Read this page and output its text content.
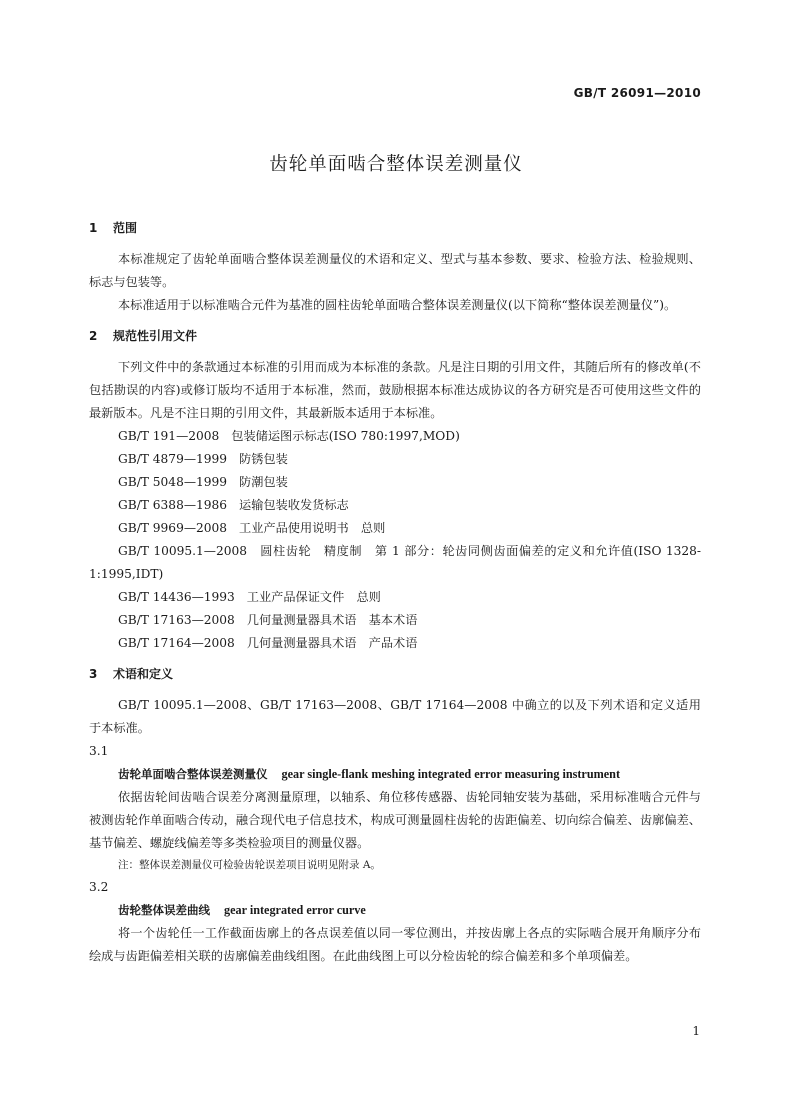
GB/T 26091—2010
齿轮单面啮合整体误差测量仪
1 范围

本标准规定了齿轮单面啮合整体误差测量仪的术语和定义、型式与基本参数、要求、检验方法、检验规则、标志与包装等。

本标准适用于以标准啮合元件为基准的圆柱齿轮单面啮合整体误差测量仪(以下简称“整体误差测量仪”)。

2 规范性引用文件

下列文件中的条款通过本标准的引用而成为本标准的条款。凡是注日期的引用文件，其随后所有的修改单(不包括勘误的内容)或修订版均不适用于本标准，然而，鼓励根据本标准达成协议的各方研究是否可使用这些文件的最新版本。凡是不注日期的引用文件，其最新版本适用于本标准。

GB/T 191—2008 包装储运图示标志(ISO 780:1997,MOD)
GB/T 4879—1999 防锈包装
GB/T 5048—1999 防潮包装
GB/T 6388—1986 运输包装收发货标志
GB/T 9969—2008 工业产品使用说明书　总则

GB/T 10095.1—2008　圆柱齿轮　精度制　第 1 部分：轮齿同侧齿面偏差的定义和允许值(ISO 1328-1:1995,IDT)

GB/T 14436—1993 工业产品保证文件　总则
GB/T 17163—2008 几何量测量器具术语　基本术语
GB/T 17164—2008 几何量测量器具术语　产品术语
3 术语和定义

GB/T 10095.1—2008、GB/T 17163—2008、GB/T 17164—2008 中确立的以及下列术语和定义适用于本标准。

3.1

齿轮单面啮合整体误差测量仪 gear single-flank meshing integrated error measuring instrument

依据齿轮间齿啮合误差分离测量原理，以轴系、角位移传感器、齿轮同轴安装为基础，采用标准啮合元件与被测齿轮作单面啮合传动，融合现代电子信息技术，构成可测量圆柱齿轮的齿距偏差、切向综合偏差、齿廓偏差、基节偏差、螺旋线偏差等多类检验项目的测量仪器。

注：整体误差测量仪可检验齿轮误差项目说明见附录 A。

3.2

齿轮整体误差曲线 gear integrated error curve

将一个齿轮任一工作截面齿廓上的各点误差值以同一零位测出，并按齿廓上各点的实际啮合展开角顺序分布绘成与齿距偏差相关联的齿廓偏差曲线组图。在此曲线图上可以分检齿轮的综合偏差和多个单项偏差。

1
